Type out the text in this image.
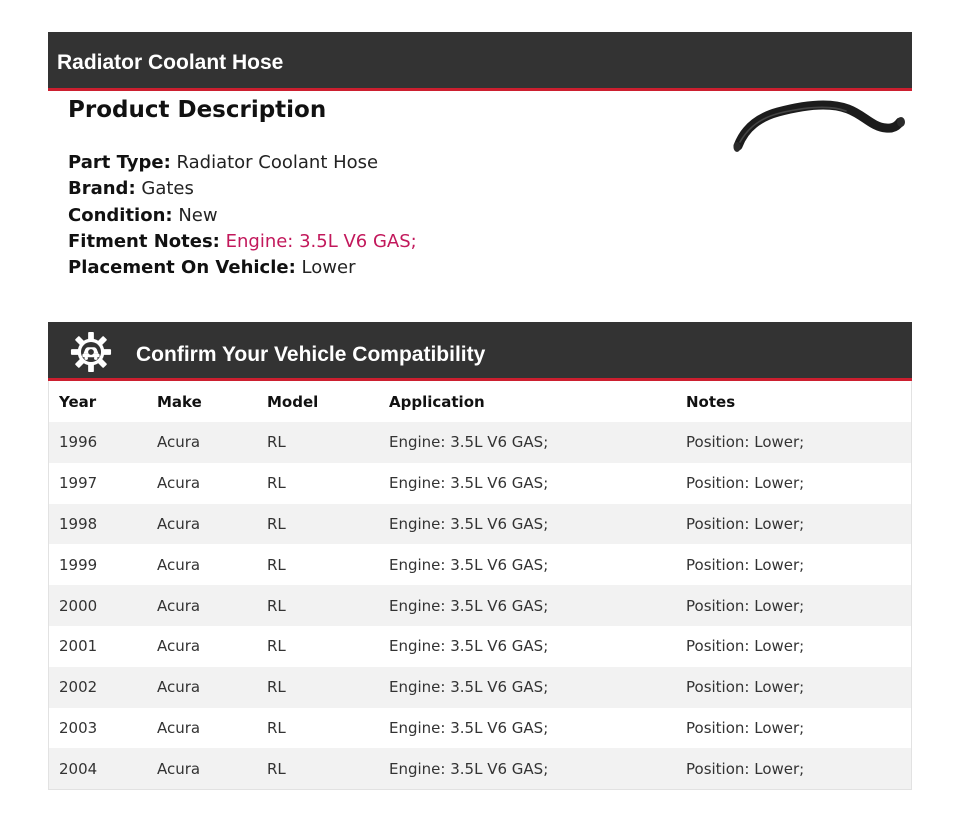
Radiator Coolant Hose
Product Description
Part Type: Radiator Coolant Hose
Brand: Gates
Condition: New
Fitment Notes: Engine: 3.5L V6 GAS;
Placement On Vehicle: Lower
Confirm Your Vehicle Compatibility
Year	Make	Model	Application	Notes
1996	Acura	RL	Engine: 3.5L V6 GAS;	Position: Lower;
1997	Acura	RL	Engine: 3.5L V6 GAS;	Position: Lower;
1998	Acura	RL	Engine: 3.5L V6 GAS;	Position: Lower;
1999	Acura	RL	Engine: 3.5L V6 GAS;	Position: Lower;
2000	Acura	RL	Engine: 3.5L V6 GAS;	Position: Lower;
2001	Acura	RL	Engine: 3.5L V6 GAS;	Position: Lower;
2002	Acura	RL	Engine: 3.5L V6 GAS;	Position: Lower;
2003	Acura	RL	Engine: 3.5L V6 GAS;	Position: Lower;
2004	Acura	RL	Engine: 3.5L V6 GAS;	Position: Lower;
